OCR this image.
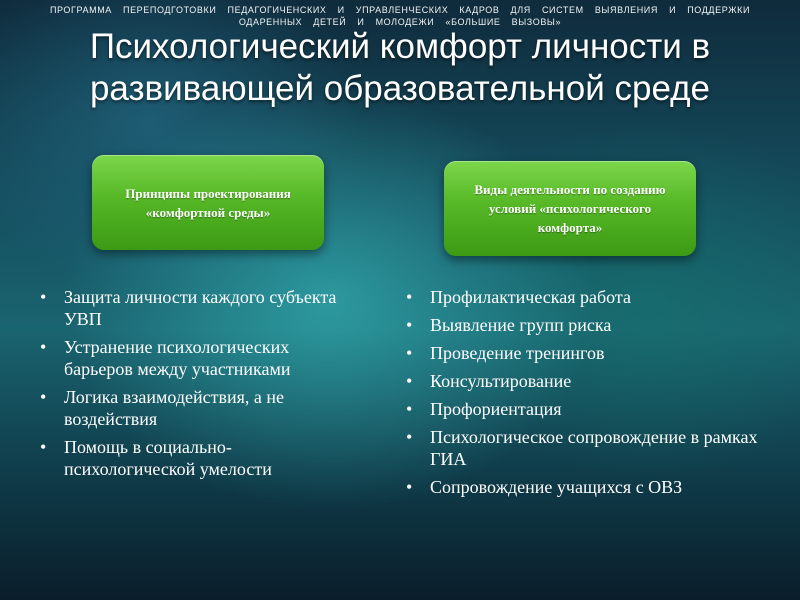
ПРОГРАММА ПЕРЕПОДГОТОВКИ ПЕДАГОГИЧЕНСКИХ И УПРАВЛЕНЧЕСКИХ КАДРОВ ДЛЯ СИСТЕМ ВЫЯВЛЕНИЯ И ПОДДЕРЖКИ ОДАРЕННЫХ ДЕТЕЙ И МОЛОДЕЖИ «БОЛЬШИЕ ВЫЗОВЫ»
Психологический комфорт личности в
развивающей образовательной среде
Принципы проектирования «комфортной среды»
Виды деятельности по созданию условий «психологического комфорта»
• Защита личности каждого субъекта УВП
• Устранение психологических барьеров между участниками
• Логика взаимодействия, а не воздействия
• Помощь в социально-психологической умелости
• Профилактическая работа
• Выявление групп риска
• Проведение тренингов
• Консультирование
• Профориентация
• Психологическое сопровождение в рамках ГИА
• Сопровождение учащихся с ОВЗ
